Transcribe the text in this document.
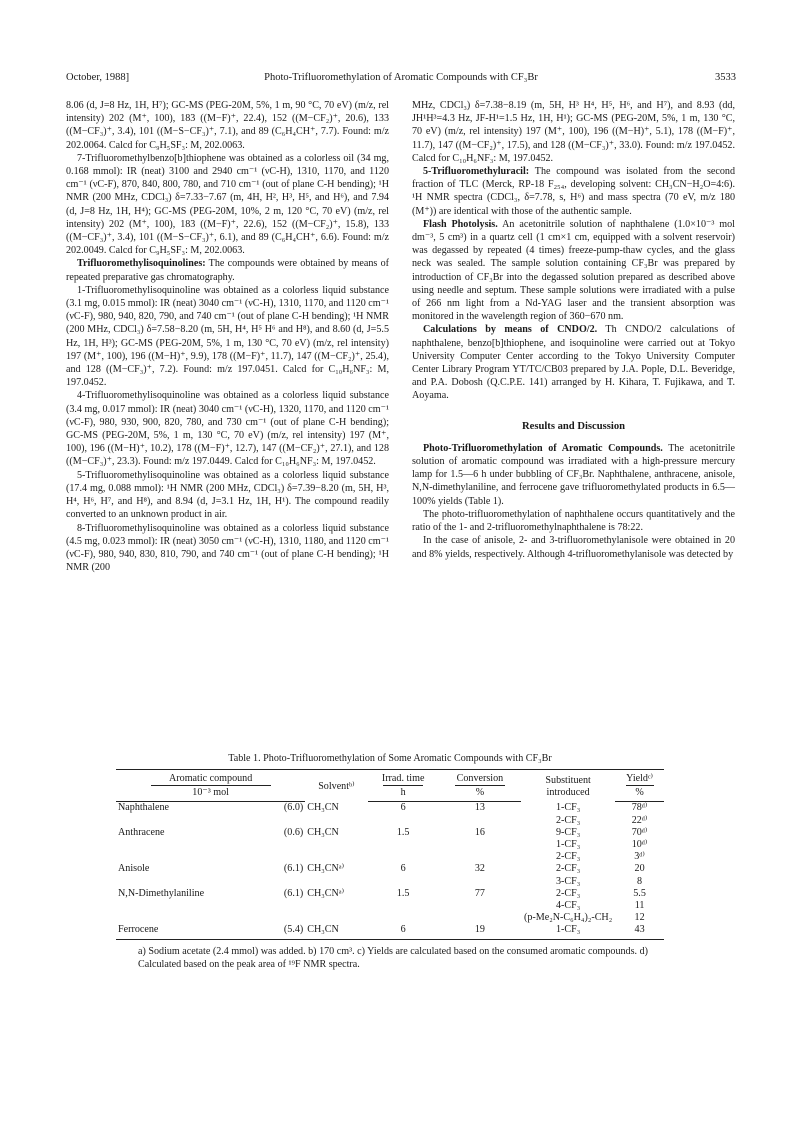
October, 1988]	Photo-Trifluoromethylation of Aromatic Compounds with CF₃Br	3533

8.06 (d, J=8 Hz, 1H, H⁷); GC-MS (PEG-20M, 5%, 1 m, 90 °C, 70 eV) (m/z, rel intensity) 202 (M⁺, 100), 183 ((M−F)⁺, 22.4), 152 ((M−CF₂)⁺, 20.6), 133 ((M−CF₃)⁺, 3.4), 101 ((M−S−CF₃)⁺, 7.1), and 89 (C₆H₄CH⁺, 7.7). Found: m/z 202.0064. Calcd for C₉H₅SF₃: M, 202.0063.

7-Trifluoromethylbenzo[b]thiophene was obtained as a colorless oil (34 mg, 0.168 mmol): IR (neat) 3100 and 2940 cm⁻¹ (νC-H), 1310, 1170, and 1120 cm⁻¹ (νC-F), 870, 840, 800, 780, and 710 cm⁻¹ (out of plane C-H bending); ¹H NMR (200 MHz, CDCl₃) δ=7.33−7.67 (m, 4H, H², H³, H⁵, and H⁶), and 7.94 (d, J=8 Hz, 1H, H⁴); GC-MS (PEG-20M, 10%, 2 m, 120 °C, 70 eV) (m/z, rel intensity) 202 (M⁺, 100), 183 ((M−F)⁺, 22.6), 152 ((M−CF₂)⁺, 15.8), 133 ((M−CF₃)⁺, 3.4), 101 ((M−S−CF₃)⁺, 6.1), and 89 (C₆H₄CH⁺, 6.6). Found: m/z 202.0049. Calcd for C₉H₅SF₃: M, 202.0063.

Trifluoromethylisoquinolines: The compounds were obtained by means of repeated preparative gas chromatography.

1-Trifluoromethylisoquinoline was obtained as a colorless liquid substance (3.1 mg, 0.015 mmol): IR (neat) 3040 cm⁻¹ (νC-H), 1310, 1170, and 1120 cm⁻¹ (νC-F), 980, 940, 820, 790, and 740 cm⁻¹ (out of plane C-H bending); ¹H NMR (200 MHz, CDCl₃) δ=7.58−8.20 (m, 5H, H⁴, H⁵ H⁶ and H⁸), and 8.60 (d, J=5.5 Hz, 1H, H³); GC-MS (PEG-20M, 5%, 1 m, 130 °C, 70 eV) (m/z, rel intensity) 197 (M⁺, 100), 196 ((M−H)⁺, 9.9), 178 ((M−F)⁺, 11.7), 147 ((M−CF₂)⁺, 25.4), and 128 ((M−CF₃)⁺, 7.2). Found: m/z 197.0451. Calcd for C₁₀H₆NF₃: M, 197.0452.

4-Trifluoromethylisoquinoline was obtained as a colorless liquid substance (3.4 mg, 0.017 mmol): IR (neat) 3040 cm⁻¹ (νC-H), 1320, 1170, and 1120 cm⁻¹ (νC-F), 980, 930, 900, 820, 780, and 730 cm⁻¹ (out of plane C-H bending); GC-MS (PEG-20M, 5%, 1 m, 130 °C, 70 eV) (m/z, rel intensity) 197 (M⁺, 100), 196 ((M−H)⁺, 10.2), 178 ((M−F)⁺, 12.7), 147 ((M−CF₂)⁺, 27.1), and 128 ((M−CF₃)⁺, 23.3). Found: m/z 197.0449. Calcd for C₁₀H₆NF₃: M, 197.0452.

5-Trifluoromethylisoquinoline was obtained as a colorless liquid substance (17.4 mg, 0.088 mmol): ¹H NMR (200 MHz, CDCl₃) δ=7.39−8.20 (m, 5H, H³, H⁴, H⁶, H⁷, and H⁸), and 8.94 (d, J=3.1 Hz, 1H, H¹). The compound readily converted to an unknown product in air.

8-Trifluoromethylisoquinoline was obtained as a colorless liquid substance (4.5 mg, 0.023 mmol): IR (neat) 3050 cm⁻¹ (νC-H), 1310, 1180, and 1120 cm⁻¹ (νC-F), 980, 940, 830, 810, 790, and 740 cm⁻¹ (out of plane C-H bending); ¹H NMR (200

MHz, CDCl₃) δ=7.38−8.19 (m, 5H, H³ H⁴, H⁵, H⁶, and H⁷), and 8.93 (dd, JH¹H³=4.3 Hz, JF-H¹=1.5 Hz, 1H, H¹); GC-MS (PEG-20M, 5%, 1 m, 130 °C, 70 eV) (m/z, rel intensity) 197 (M⁺, 100), 196 ((M−H)⁺, 5.1), 178 ((M−F)⁺, 11.7), 147 ((M−CF₂)⁺, 17.5), and 128 ((M−CF₃)⁺, 33.0). Found: m/z 197.0452. Calcd for C₁₀H₆NF₃: M, 197.0452.

5-Trifluoromethyluracil: The compound was isolated from the second fraction of TLC (Merck, RP-18 F₂₅₄, developing solvent: CH₃CN−H₂O=4:6). ¹H NMR spectra (CDCl₃, δ=7.78, s, H⁶) and mass spectra (70 eV, m/z 180 (M⁺)) are identical with those of the authentic sample.

Flash Photolysis. An acetonitrile solution of naphthalene (1.0×10⁻³ mol dm⁻³, 5 cm³) in a quartz cell (1 cm×1 cm, equipped with a solvent reservoir) was degassed by repeated (4 times) freeze-pump-thaw cycles, and the glass neck was sealed. The sample solution containing CF₃Br was prepared by introduction of CF₃Br into the degassed solution prepared as described above using needle and septum. These sample solutions were irradiated with a pulse of 266 nm light from a Nd-YAG laser and the transient absorption was monitored in the wavelength region of 360−670 nm.

Calculations by means of CNDO/2. Th CNDO/2 calculations of naphthalene, benzo[b]thiophene, and isoquinoline were carried out at Tokyo University Computer Center according to the Tokyo University Computer Center Library Program YT/TC/CB03 prepared by J.A. Pople, D.L. Beveridge, and P.A. Dobosh (Q.C.P.E. 141) arranged by H. Kihara, T. Fujikawa, and T. Aoyama.

Results and Discussion

Photo-Trifluoromethylation of Aromatic Compounds. The acetonitrile solution of aromatic compound was irradiated with a high-pressure mercury lamp for 1.5—6 h under bubbling of CF₃Br. Naphthalene, anthracene, anisole, N,N-dimethylaniline, and ferrocene gave trifluoromethylated products in 6.5—100% yields (Table 1).

The photo-trifluoromethylation of naphthalene occurs quantitatively and the ratio of the 1- and 2-trifluoromethylnaphthalene is 78:22.

In the case of anisole, 2- and 3-trifluoromethylanisole were obtained in 20 and 8% yields, respectively. Although 4-trifluoromethylanisole was detected by

Table 1. Photo-Trifluoromethylation of Some Aromatic Compounds with CF₃Br
Aromatic compound		Solventᵇ⁾	Irrad. time	Conversion	Substituent introduced	Yieldᶜ⁾
10⁻³ mol			h	%		%
Naphthalene	(6.0)	CH₃CN	6	13	1-CF₃	78ᵈ⁾
					2-CF₃	22ᵈ⁾
Anthracene	(0.6)	CH₃CN	1.5	16	9-CF₃	70ᵈ⁾
					1-CF₃	10ᵈ⁾
					2-CF₃	3ᵈ⁾
Anisole	(6.1)	CH₃CNᵃ⁾	6	32	2-CF₃	20
					3-CF₃	8
N,N-Dimethylaniline	(6.1)	CH₃CNᵃ⁾	1.5	77	2-CF₃	5.5
					4-CF₃	11
					(p-Me₂N-C₆H₄)₂-CH₂	12
Ferrocene	(5.4)	CH₃CN	6	19	1-CF₃	43
a) Sodium acetate (2.4 mmol) was added. b) 170 cm³. c) Yields are calculated based on the consumed aromatic compounds. d) Calculated based on the peak area of ¹⁹F NMR spectra.
